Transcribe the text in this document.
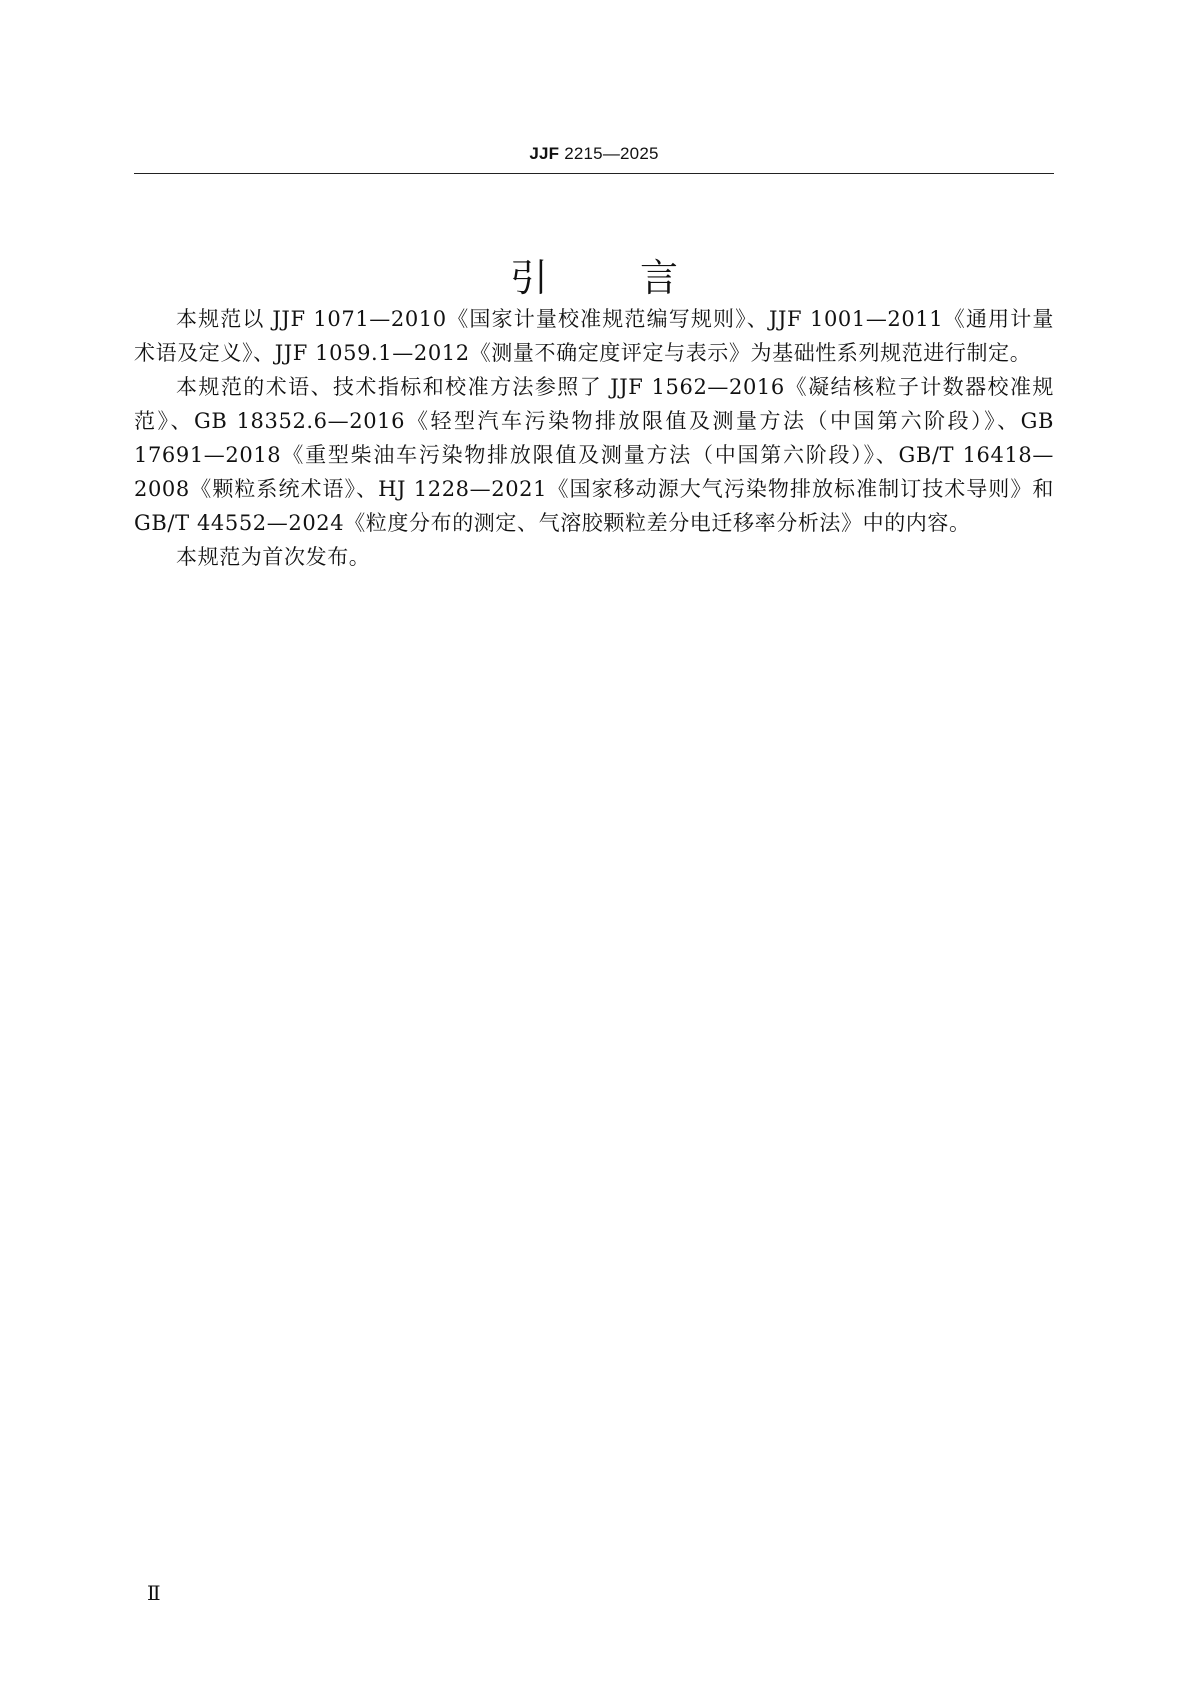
JJF 2215—2025
引 言

本规范以 JJF 1071—2010《国家计量校准规范编写规则》、JJF 1001—2011《通用计量术语及定义》、JJF 1059.1—2012《测量不确定度评定与表示》为基础性系列规范进行制定。

本规范的术语、技术指标和校准方法参照了 JJF 1562—2016《凝结核粒子计数器校准规范》、GB 18352.6—2016《轻型汽车污染物排放限值及测量方法（中国第六阶段）》、GB 17691—2018《重型柴油车污染物排放限值及测量方法（中国第六阶段）》、GB/T 16418—2008《颗粒系统术语》、HJ 1228—2021《国家移动源大气污染物排放标准制订技术导则》和 GB/T 44552—2024《粒度分布的测定、气溶胶颗粒差分电迁移率分析法》中的内容。

本规范为首次发布。

Ⅱ
